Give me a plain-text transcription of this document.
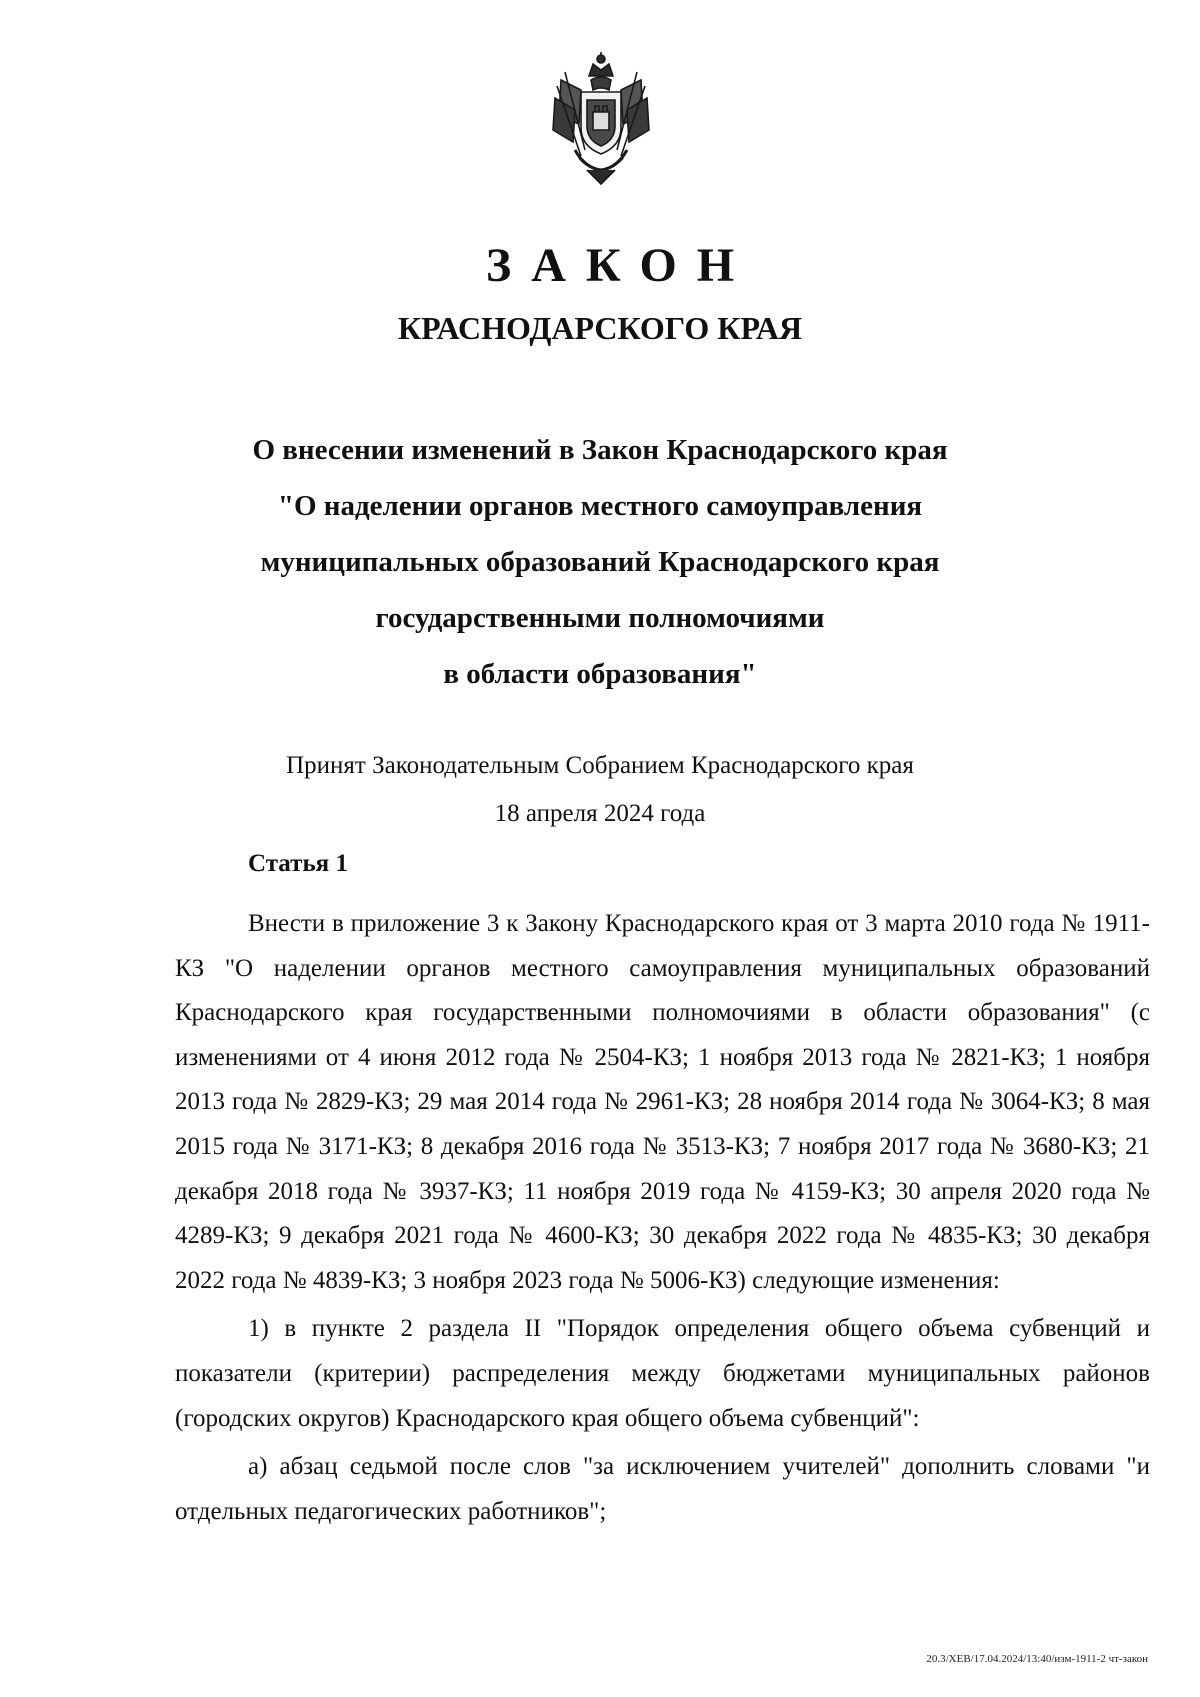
ЗАКОН
КРАСНОДАРСКОГО КРАЯ
О внесении изменений в Закон Краснодарского края
"О наделении органов местного самоуправления
муниципальных образований Краснодарского края
государственными полномочиями
в области образования"
Принят Законодательным Собранием Краснодарского края
18 апреля 2024 года
Статья 1

Внести в приложение 3 к Закону Краснодарского края от 3 марта 2010 года № 1911-КЗ "О наделении органов местного самоуправления муниципальных образований Краснодарского края государственными полномочиями в области образования" (с изменениями от 4 июня 2012 года № 2504-КЗ; 1 ноября 2013 года № 2821-КЗ; 1 ноября 2013 года № 2829-КЗ; 29 мая 2014 года № 2961-КЗ; 28 ноября 2014 года № 3064-КЗ; 8 мая 2015 года № 3171-КЗ; 8 декабря 2016 года № 3513-КЗ; 7 ноября 2017 года № 3680-КЗ; 21 декабря 2018 года № 3937-КЗ; 11 ноября 2019 года № 4159-КЗ; 30 апреля 2020 года № 4289-КЗ; 9 декабря 2021 года № 4600-КЗ; 30 декабря 2022 года № 4835-КЗ; 30 декабря 2022 года № 4839-КЗ; 3 ноября 2023 года № 5006-КЗ) следующие изменения:

1) в пункте 2 раздела II "Порядок определения общего объема субвенций и показатели (критерии) распределения между бюджетами муниципальных районов (городских округов) Краснодарского края общего объема субвенций":

а) абзац седьмой после слов "за исключением учителей" дополнить словами "и отдельных педагогических работников";

20.3/ХЕВ/17.04.2024/13:40/изм-1911-2 чт-закон
